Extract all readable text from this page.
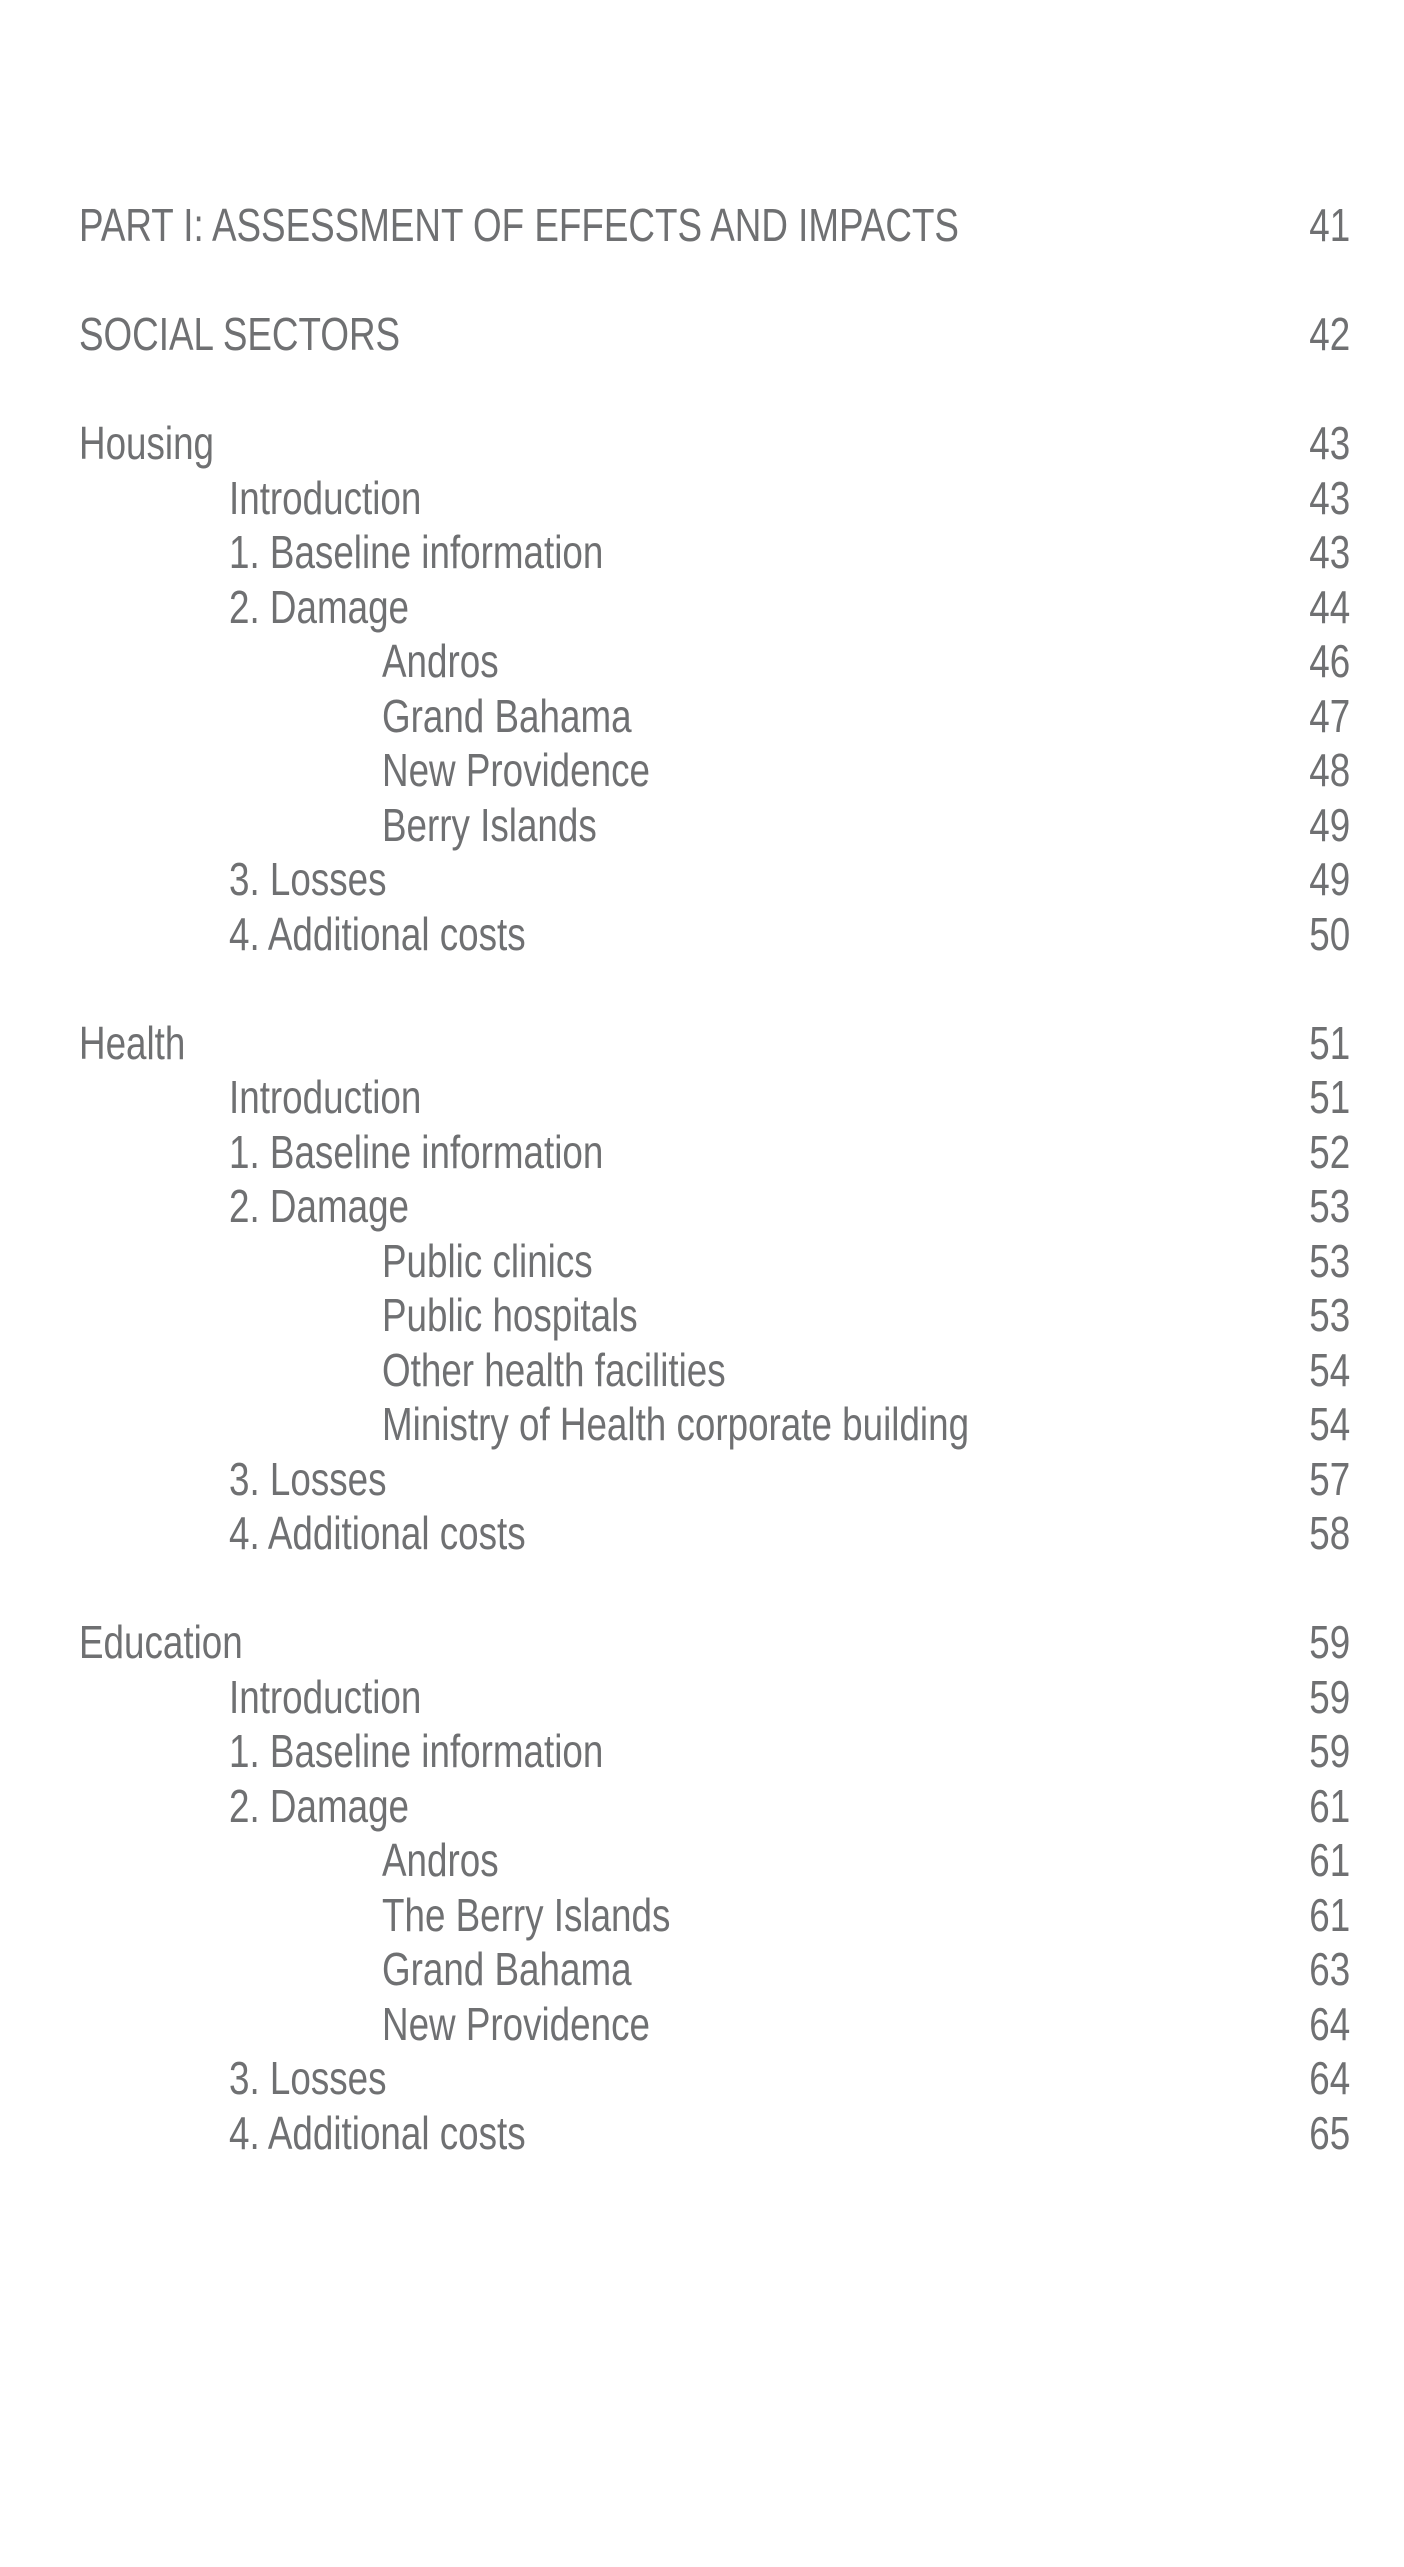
PART I: ASSESSMENT OF EFFECTS AND IMPACTS	41
SOCIAL SECTORS	42
Housing	43
Introduction	43
1. Baseline information	43
2. Damage	44
Andros	46
Grand Bahama	47
New Providence	48
Berry Islands	49
3. Losses	49
4. Additional costs	50
Health	51
Introduction	51
1. Baseline information	52
2. Damage	53
Public clinics	53
Public hospitals	53
Other health facilities	54
Ministry of Health corporate building	54
3. Losses	57
4. Additional costs	58
Education	59
Introduction	59
1. Baseline information	59
2. Damage	61
Andros	61
The Berry Islands	61
Grand Bahama	63
New Providence	64
3. Losses	64
4. Additional costs	65
